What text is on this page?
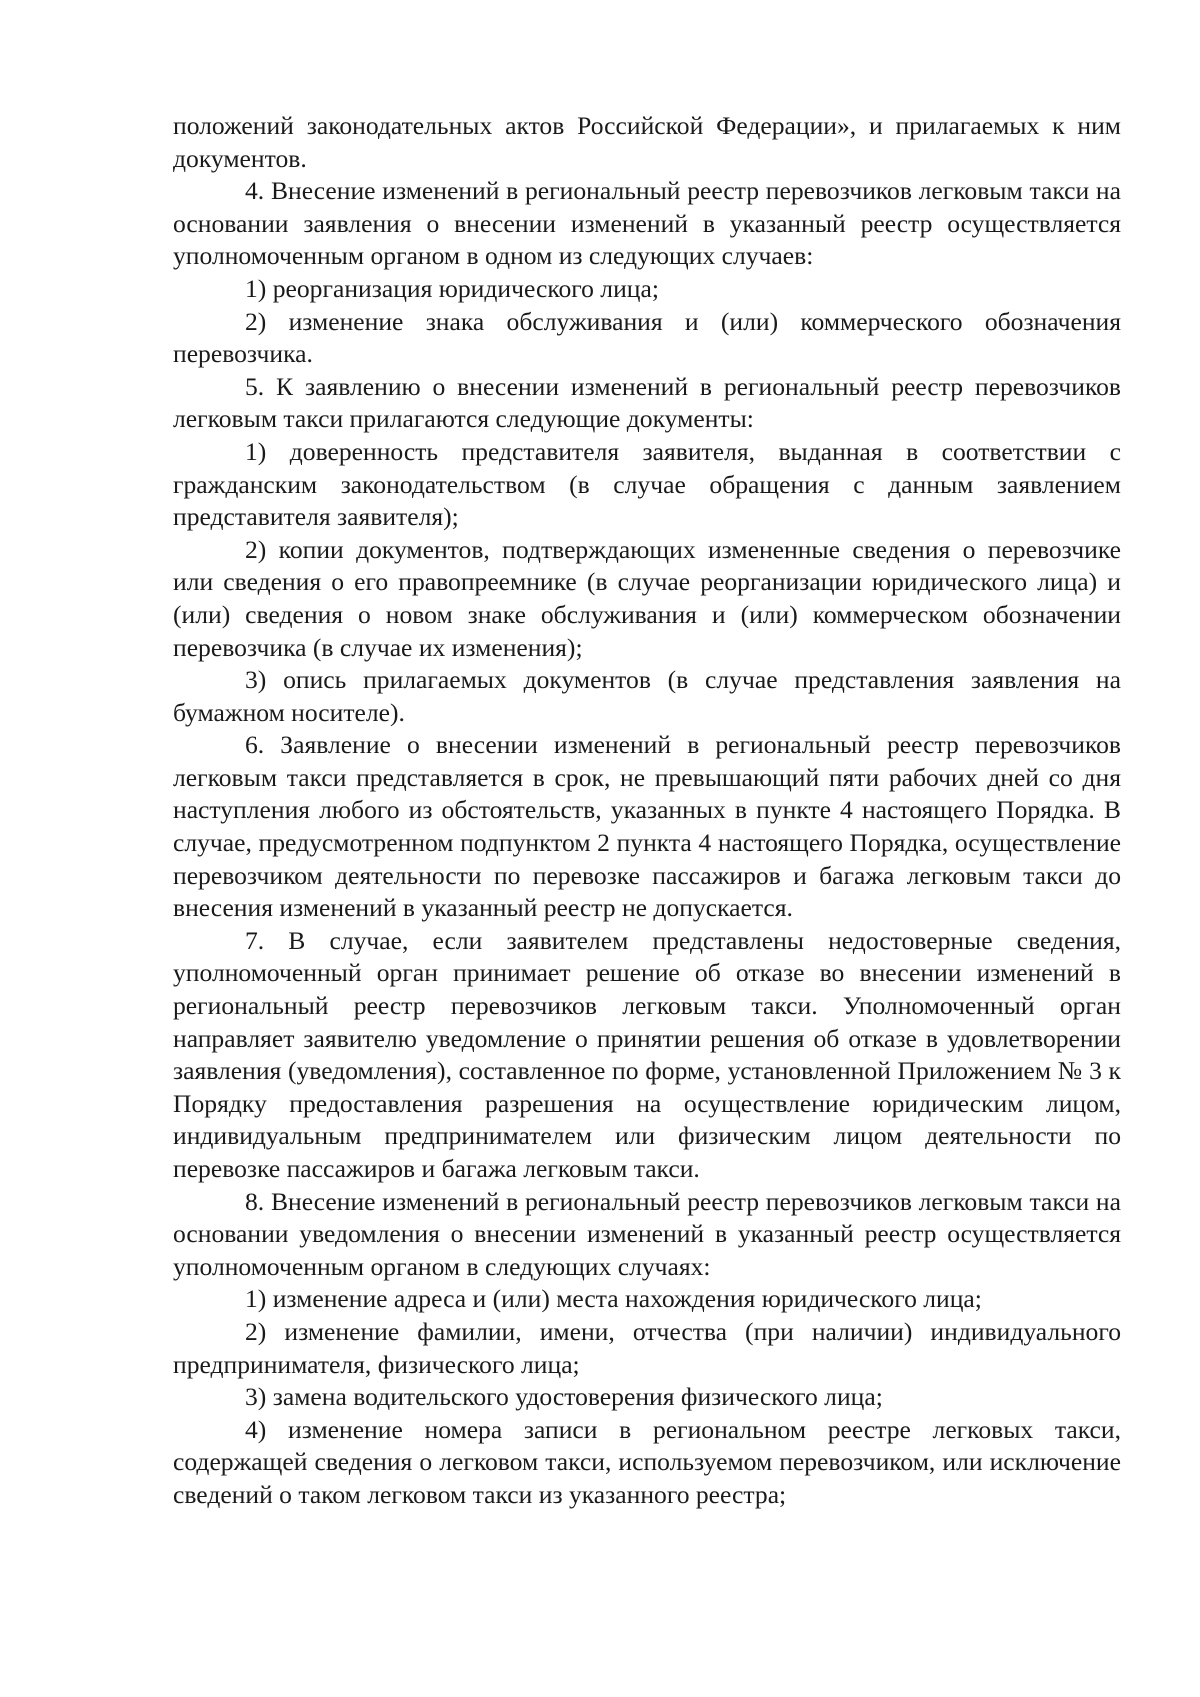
положений законодательных актов Российской Федерации», и прилагаемых к ним документов.

4. Внесение изменений в региональный реестр перевозчиков легковым такси на основании заявления о внесении изменений в указанный реестр осуществляется уполномоченным органом в одном из следующих случаев:

1) реорганизация юридического лица;

2) изменение знака обслуживания и (или) коммерческого обозначения перевозчика.

5. К заявлению о внесении изменений в региональный реестр перевозчиков легковым такси прилагаются следующие документы:

1) доверенность представителя заявителя, выданная в соответствии с гражданским законодательством (в случае обращения с данным заявлением представителя заявителя);

2) копии документов, подтверждающих измененные сведения о перевозчике или сведения о его правопреемнике (в случае реорганизации юридического лица) и (или) сведения о новом знаке обслуживания и (или) коммерческом обозначении перевозчика (в случае их изменения);

3) опись прилагаемых документов (в случае представления заявления на бумажном носителе).

6. Заявление о внесении изменений в региональный реестр перевозчиков легковым такси представляется в срок, не превышающий пяти рабочих дней со дня наступления любого из обстоятельств, указанных в пункте 4 настоящего Порядка. В случае, предусмотренном подпунктом 2 пункта 4 настоящего Порядка, осуществление перевозчиком деятельности по перевозке пассажиров и багажа легковым такси до внесения изменений в указанный реестр не допускается.

7. В случае, если заявителем представлены недостоверные сведения, уполномоченный орган принимает решение об отказе во внесении изменений в региональный реестр перевозчиков легковым такси. Уполномоченный орган направляет заявителю уведомление о принятии решения об отказе в удовлетворении заявления (уведомления), составленное по форме, установленной Приложением № 3 к Порядку предоставления разрешения на осуществление юридическим лицом, индивидуальным предпринимателем или физическим лицом деятельности по перевозке пассажиров и багажа легковым такси.

8. Внесение изменений в региональный реестр перевозчиков легковым такси на основании уведомления о внесении изменений в указанный реестр осуществляется уполномоченным органом в следующих случаях:

1) изменение адреса и (или) места нахождения юридического лица;

2) изменение фамилии, имени, отчества (при наличии) индивидуального предпринимателя, физического лица;

3) замена водительского удостоверения физического лица;

4) изменение номера записи в региональном реестре легковых такси, содержащей сведения о легковом такси, используемом перевозчиком, или исключение сведений о таком легковом такси из указанного реестра;
